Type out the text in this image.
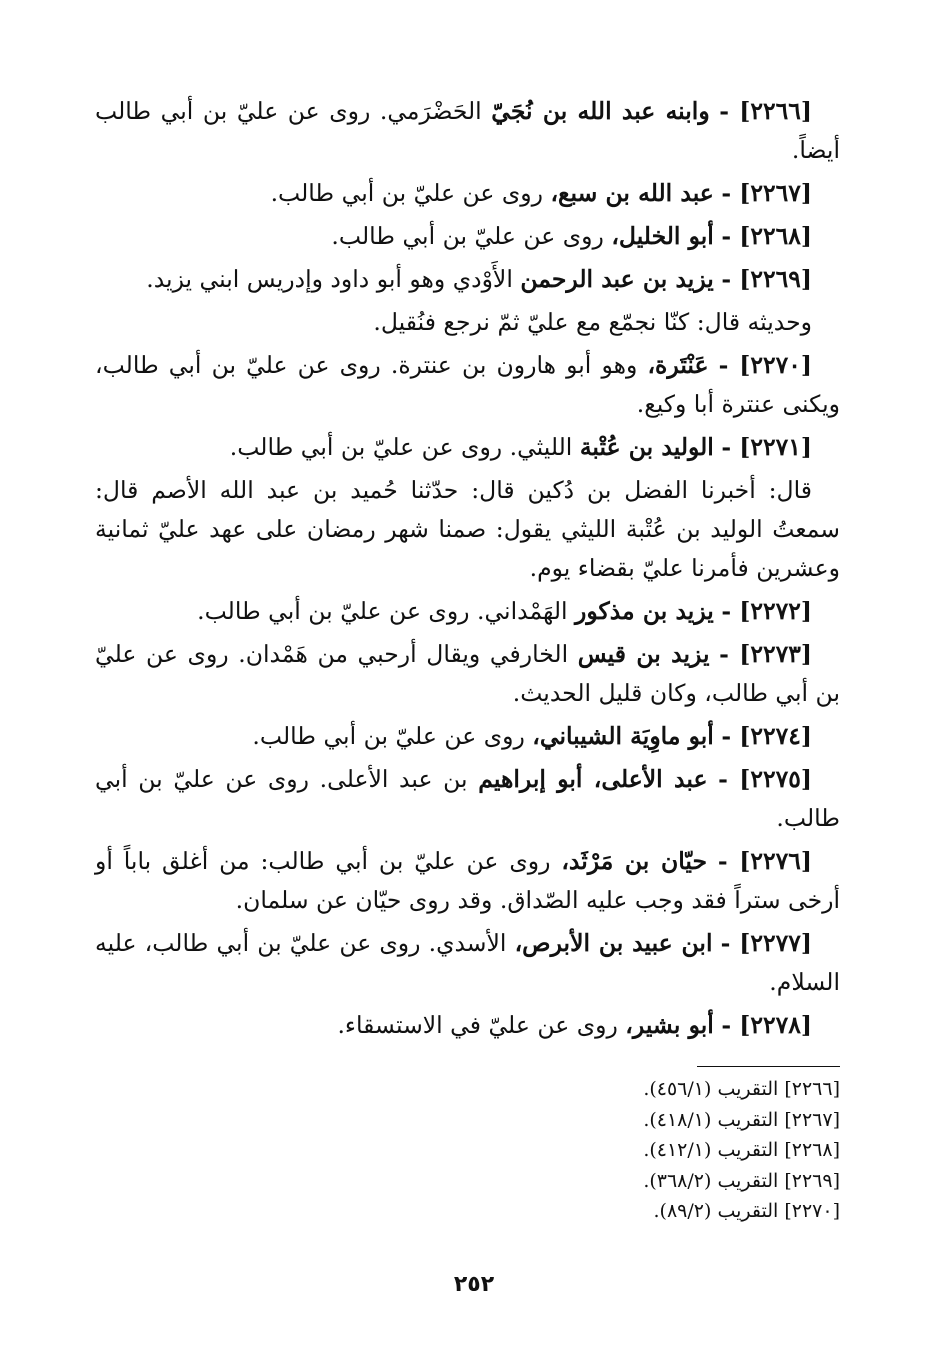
[٢٢٦٦] - وابنه عبد الله بن نُجَيّ الحَضْرَمي. روى عن عليّ بن أبي طالب أيضاً.

[٢٢٦٧] - عبد الله بن سبع، روى عن عليّ بن أبي طالب.

[٢٢٦٨] - أبو الخليل، روى عن عليّ بن أبي طالب.

[٢٢٦٩] - يزيد بن عبد الرحمن الأَوْدي وهو أبو داود وإدريس ابني يزيد.

وحديثه قال: كنّا نجمّع مع عليّ ثمّ نرجع فنُقيل.

[٢٢٧٠] - عَنْتَرة، وهو أبو هارون بن عنترة. روى عن عليّ بن أبي طالب، ويكنى عنترة أبا وكيع.

[٢٢٧١] - الوليد بن عُتْبة الليثي. روى عن عليّ بن أبي طالب.

قال: أخبرنا الفضل بن دُكين قال: حدّثنا حُميد بن عبد الله الأصم قال: سمعتُ الوليد بن عُتْبة الليثي يقول: صمنا شهر رمضان على عهد عليّ ثمانية وعشرين فأمرنا عليّ بقضاء يوم.

[٢٢٧٢] - يزيد بن مذكور الهَمْداني. روى عن عليّ بن أبي طالب.

[٢٢٧٣] - يزيد بن قيس الخارفي ويقال أرحبي من هَمْدان. روى عن عليّ بن أبي طالب، وكان قليل الحديث.

[٢٢٧٤] - أبو ماوِيَة الشيباني، روى عن عليّ بن أبي طالب.

[٢٢٧٥] - عبد الأعلى، أبو إبراهيم بن عبد الأعلى. روى عن عليّ بن أبي طالب.

[٢٢٧٦] - حيّان بن مَرْثَد، روى عن عليّ بن أبي طالب: من أغلق باباً أو أرخى ستراً فقد وجب عليه الصّداق. وقد روى حيّان عن سلمان.

[٢٢٧٧] - ابن عبيد بن الأبرص، الأسدي. روى عن عليّ بن أبي طالب، عليه السلام.

[٢٢٧٨] - أبو بشير، روى عن عليّ في الاستسقاء.

[٢٢٦٦] التقريب (٤٥٦/١).
[٢٢٦٧] التقريب (٤١٨/١).
[٢٢٦٨] التقريب (٤١٢/١).
[٢٢٦٩] التقريب (٣٦٨/٢).
[٢٢٧٠] التقريب (٨٩/٢).
٢٥٢
